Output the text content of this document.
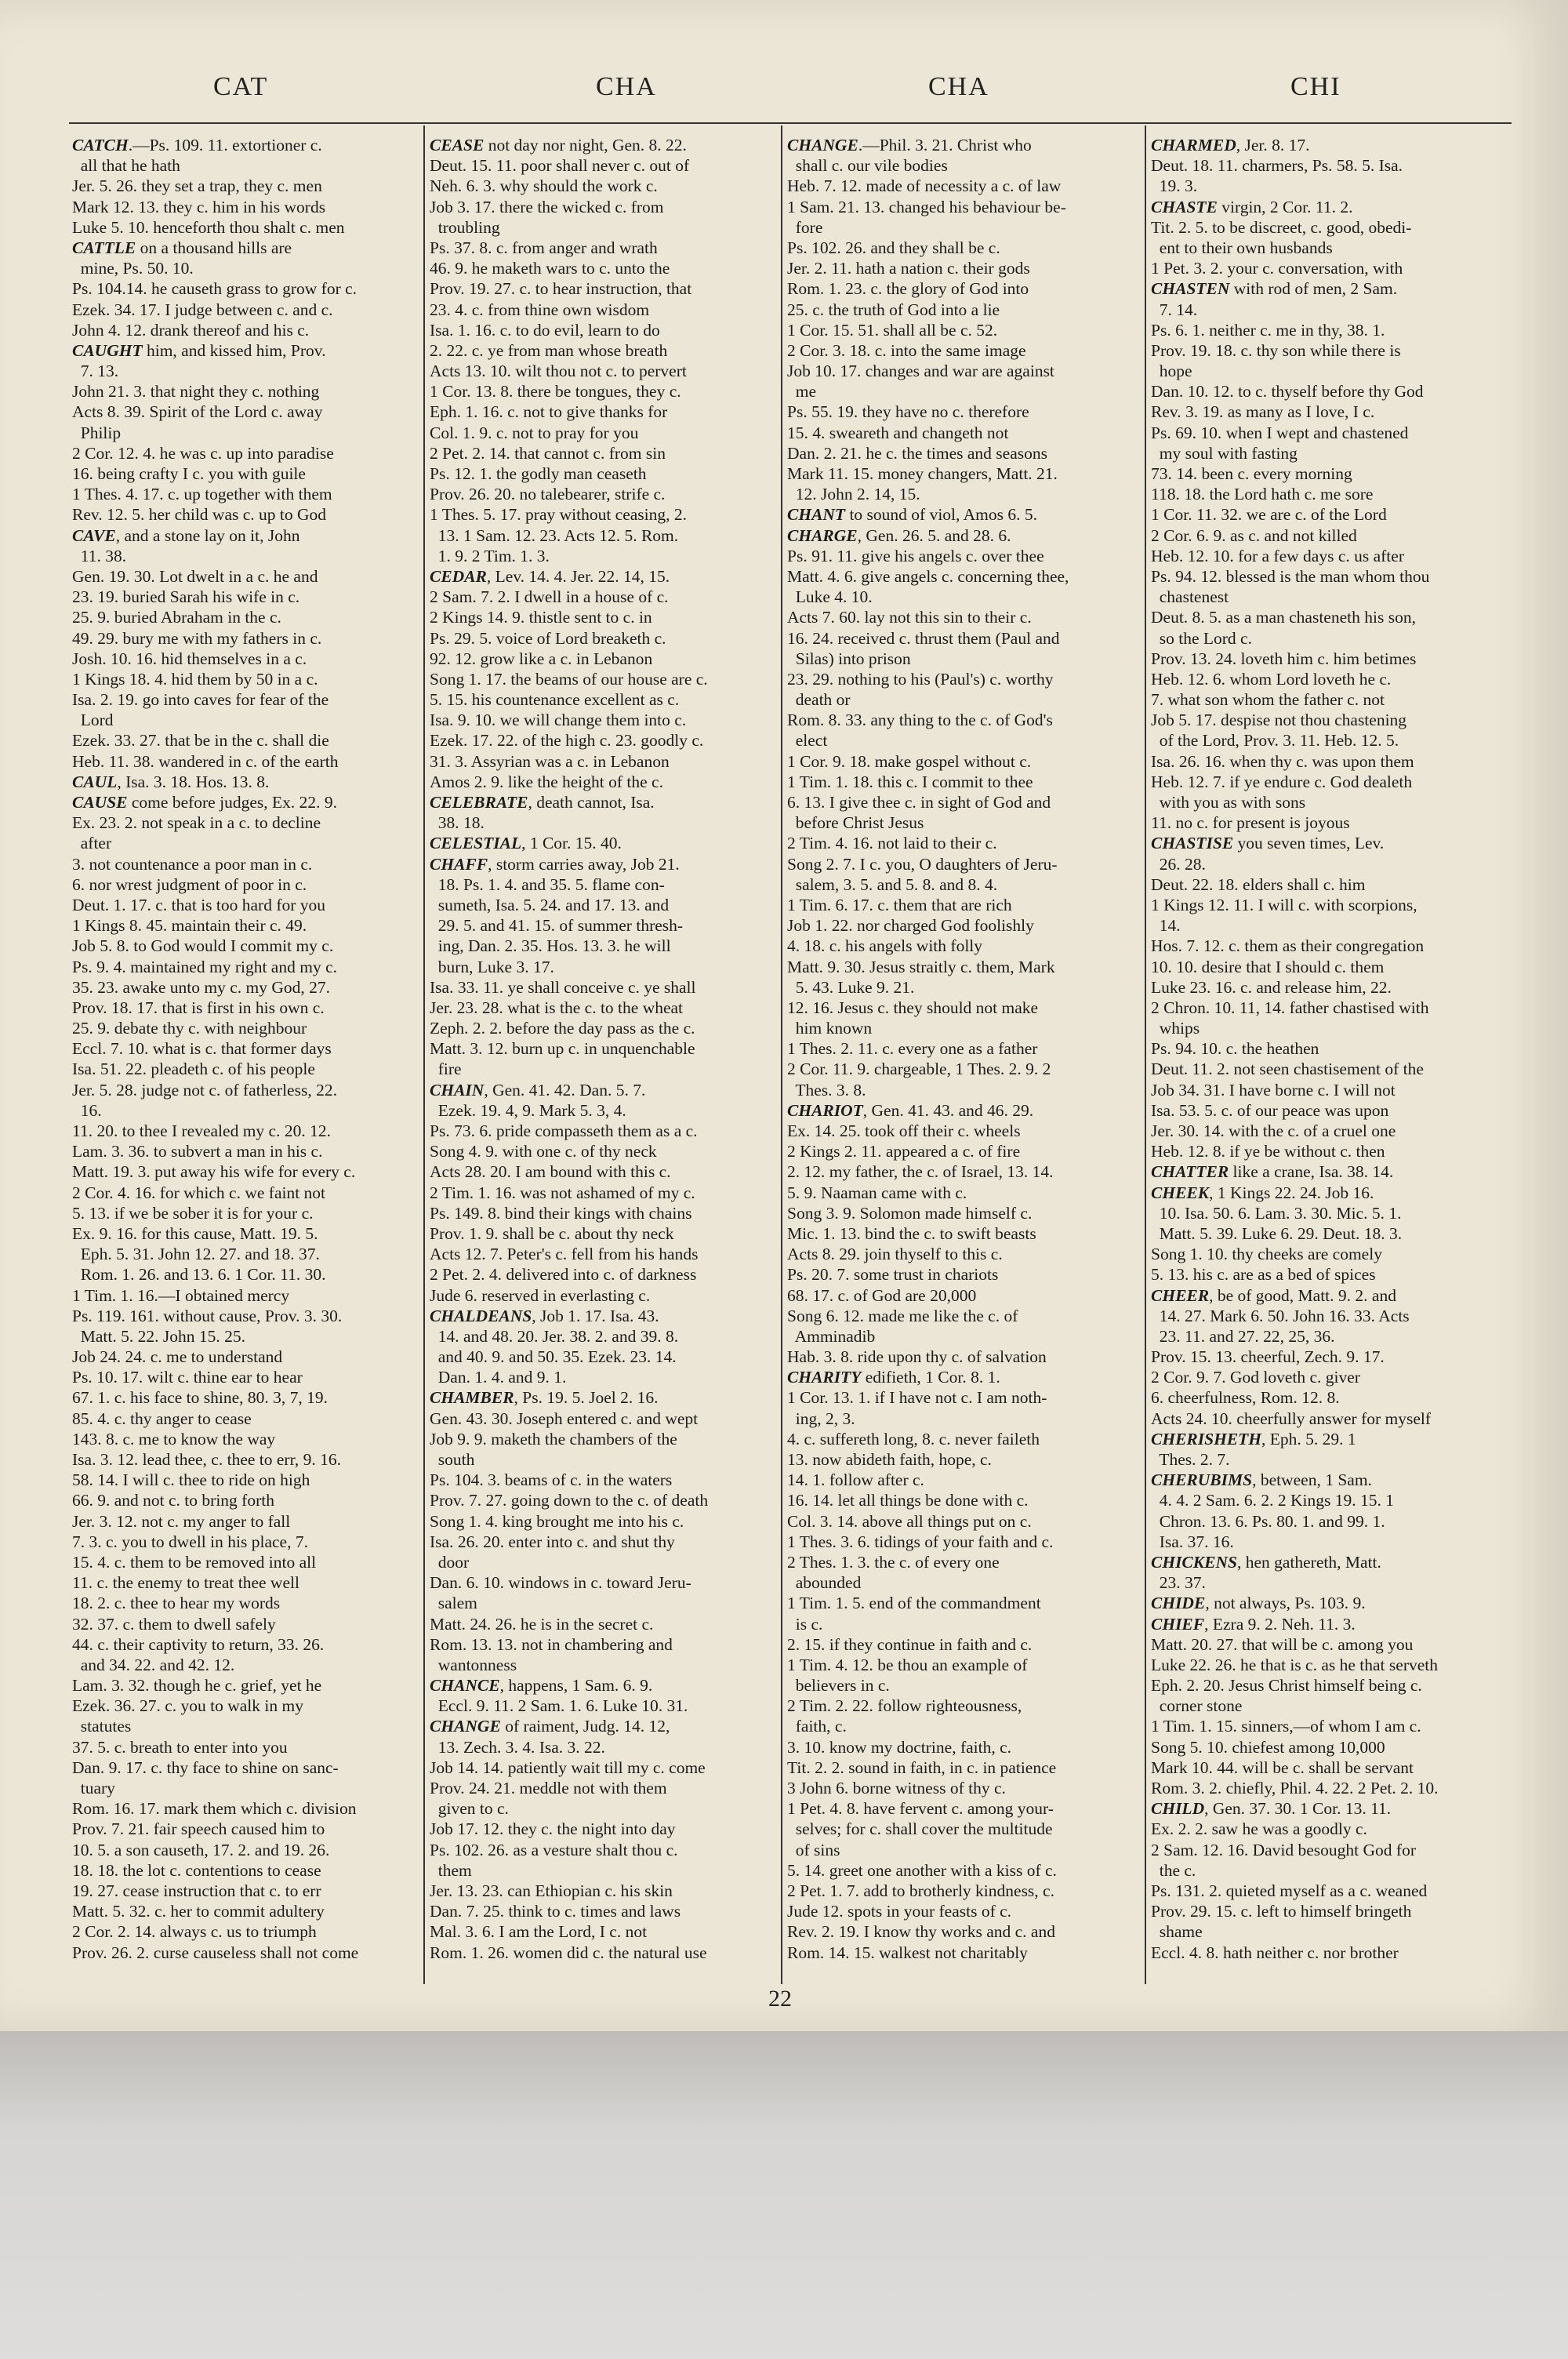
CAT	CHA	CHA	CHI
CATCH.—Ps. 109. 11. extortioner c.
all that he hath
Jer. 5. 26. they set a trap, they c. men
Mark 12. 13. they c. him in his words
Luke 5. 10. henceforth thou shalt c. men
CATTLE on a thousand hills are
mine, Ps. 50. 10.
Ps. 104.14. he causeth grass to grow for c.
Ezek. 34. 17. I judge between c. and c.
John 4. 12. drank thereof and his c.
CAUGHT him, and kissed him, Prov.
7. 13.
John 21. 3. that night they c. nothing
Acts 8. 39. Spirit of the Lord c. away
Philip
2 Cor. 12. 4. he was c. up into paradise
16. being crafty I c. you with guile
1 Thes. 4. 17. c. up together with them
Rev. 12. 5. her child was c. up to God
CAVE, and a stone lay on it, John
11. 38.
Gen. 19. 30. Lot dwelt in a c. he and
23. 19. buried Sarah his wife in c.
25. 9. buried Abraham in the c.
49. 29. bury me with my fathers in c.
Josh. 10. 16. hid themselves in a c.
1 Kings 18. 4. hid them by 50 in a c.
Isa. 2. 19. go into caves for fear of the
Lord
Ezek. 33. 27. that be in the c. shall die
Heb. 11. 38. wandered in c. of the earth
CAUL, Isa. 3. 18. Hos. 13. 8.
CAUSE come before judges, Ex. 22. 9.
Ex. 23. 2. not speak in a c. to decline
after
3. not countenance a poor man in c.
6. nor wrest judgment of poor in c.
Deut. 1. 17. c. that is too hard for you
1 Kings 8. 45. maintain their c. 49.
Job 5. 8. to God would I commit my c.
Ps. 9. 4. maintained my right and my c.
35. 23. awake unto my c. my God, 27.
Prov. 18. 17. that is first in his own c.
25. 9. debate thy c. with neighbour
Eccl. 7. 10. what is c. that former days
Isa. 51. 22. pleadeth c. of his people
Jer. 5. 28. judge not c. of fatherless, 22.
16.
11. 20. to thee I revealed my c. 20. 12.
Lam. 3. 36. to subvert a man in his c.
Matt. 19. 3. put away his wife for every c.
2 Cor. 4. 16. for which c. we faint not
5. 13. if we be sober it is for your c.
Ex. 9. 16. for this cause, Matt. 19. 5.
Eph. 5. 31. John 12. 27. and 18. 37.
Rom. 1. 26. and 13. 6. 1 Cor. 11. 30.
1 Tim. 1. 16.—I obtained mercy
Ps. 119. 161. without cause, Prov. 3. 30.
Matt. 5. 22. John 15. 25.
Job 24. 24. c. me to understand
Ps. 10. 17. wilt c. thine ear to hear
67. 1. c. his face to shine, 80. 3, 7, 19.
85. 4. c. thy anger to cease
143. 8. c. me to know the way
Isa. 3. 12. lead thee, c. thee to err, 9. 16.
58. 14. I will c. thee to ride on high
66. 9. and not c. to bring forth
Jer. 3. 12. not c. my anger to fall
7. 3. c. you to dwell in his place, 7.
15. 4. c. them to be removed into all
11. c. the enemy to treat thee well
18. 2. c. thee to hear my words
32. 37. c. them to dwell safely
44. c. their captivity to return, 33. 26.
and 34. 22. and 42. 12.
Lam. 3. 32. though he c. grief, yet he
Ezek. 36. 27. c. you to walk in my
statutes
37. 5. c. breath to enter into you
Dan. 9. 17. c. thy face to shine on sanc-
tuary
Rom. 16. 17. mark them which c. division
Prov. 7. 21. fair speech caused him to
10. 5. a son causeth, 17. 2. and 19. 26.
18. 18. the lot c. contentions to cease
19. 27. cease instruction that c. to err
Matt. 5. 32. c. her to commit adultery
2 Cor. 2. 14. always c. us to triumph
Prov. 26. 2. curse causeless shall not come
CEASE not day nor night, Gen. 8. 22.
Deut. 15. 11. poor shall never c. out of
Neh. 6. 3. why should the work c.
Job 3. 17. there the wicked c. from
troubling
Ps. 37. 8. c. from anger and wrath
46. 9. he maketh wars to c. unto the
Prov. 19. 27. c. to hear instruction, that
23. 4. c. from thine own wisdom
Isa. 1. 16. c. to do evil, learn to do
2. 22. c. ye from man whose breath
Acts 13. 10. wilt thou not c. to pervert
1 Cor. 13. 8. there be tongues, they c.
Eph. 1. 16. c. not to give thanks for
Col. 1. 9. c. not to pray for you
2 Pet. 2. 14. that cannot c. from sin
Ps. 12. 1. the godly man ceaseth
Prov. 26. 20. no talebearer, strife c.
1 Thes. 5. 17. pray without ceasing, 2.
13. 1 Sam. 12. 23. Acts 12. 5. Rom.
1. 9. 2 Tim. 1. 3.
CEDAR, Lev. 14. 4. Jer. 22. 14, 15.
2 Sam. 7. 2. I dwell in a house of c.
2 Kings 14. 9. thistle sent to c. in
Ps. 29. 5. voice of Lord breaketh c.
92. 12. grow like a c. in Lebanon
Song 1. 17. the beams of our house are c.
5. 15. his countenance excellent as c.
Isa. 9. 10. we will change them into c.
Ezek. 17. 22. of the high c. 23. goodly c.
31. 3. Assyrian was a c. in Lebanon
Amos 2. 9. like the height of the c.
CELEBRATE, death cannot, Isa.
38. 18.
CELESTIAL, 1 Cor. 15. 40.
CHAFF, storm carries away, Job 21.
18. Ps. 1. 4. and 35. 5. flame con-
sumeth, Isa. 5. 24. and 17. 13. and
29. 5. and 41. 15. of summer thresh-
ing, Dan. 2. 35. Hos. 13. 3. he will
burn, Luke 3. 17.
Isa. 33. 11. ye shall conceive c. ye shall
Jer. 23. 28. what is the c. to the wheat
Zeph. 2. 2. before the day pass as the c.
Matt. 3. 12. burn up c. in unquenchable
fire
CHAIN, Gen. 41. 42. Dan. 5. 7.
Ezek. 19. 4, 9. Mark 5. 3, 4.
Ps. 73. 6. pride compasseth them as a c.
Song 4. 9. with one c. of thy neck
Acts 28. 20. I am bound with this c.
2 Tim. 1. 16. was not ashamed of my c.
Ps. 149. 8. bind their kings with chains
Prov. 1. 9. shall be c. about thy neck
Acts 12. 7. Peter's c. fell from his hands
2 Pet. 2. 4. delivered into c. of darkness
Jude 6. reserved in everlasting c.
CHALDEANS, Job 1. 17. Isa. 43.
14. and 48. 20. Jer. 38. 2. and 39. 8.
and 40. 9. and 50. 35. Ezek. 23. 14.
Dan. 1. 4. and 9. 1.
CHAMBER, Ps. 19. 5. Joel 2. 16.
Gen. 43. 30. Joseph entered c. and wept
Job 9. 9. maketh the chambers of the
south
Ps. 104. 3. beams of c. in the waters
Prov. 7. 27. going down to the c. of death
Song 1. 4. king brought me into his c.
Isa. 26. 20. enter into c. and shut thy
door
Dan. 6. 10. windows in c. toward Jeru-
salem
Matt. 24. 26. he is in the secret c.
Rom. 13. 13. not in chambering and
wantonness
CHANCE, happens, 1 Sam. 6. 9.
Eccl. 9. 11. 2 Sam. 1. 6. Luke 10. 31.
CHANGE of raiment, Judg. 14. 12,
13. Zech. 3. 4. Isa. 3. 22.
Job 14. 14. patiently wait till my c. come
Prov. 24. 21. meddle not with them
given to c.
Job 17. 12. they c. the night into day
Ps. 102. 26. as a vesture shalt thou c.
them
Jer. 13. 23. can Ethiopian c. his skin
Dan. 7. 25. think to c. times and laws
Mal. 3. 6. I am the Lord, I c. not
Rom. 1. 26. women did c. the natural use
CHANGE.—Phil. 3. 21. Christ who
shall c. our vile bodies
Heb. 7. 12. made of necessity a c. of law
1 Sam. 21. 13. changed his behaviour be-
fore
Ps. 102. 26. and they shall be c.
Jer. 2. 11. hath a nation c. their gods
Rom. 1. 23. c. the glory of God into
25. c. the truth of God into a lie
1 Cor. 15. 51. shall all be c. 52.
2 Cor. 3. 18. c. into the same image
Job 10. 17. changes and war are against
me
Ps. 55. 19. they have no c. therefore
15. 4. sweareth and changeth not
Dan. 2. 21. he c. the times and seasons
Mark 11. 15. money changers, Matt. 21.
12. John 2. 14, 15.
CHANT to sound of viol, Amos 6. 5.
CHARGE, Gen. 26. 5. and 28. 6.
Ps. 91. 11. give his angels c. over thee
Matt. 4. 6. give angels c. concerning thee,
Luke 4. 10.
Acts 7. 60. lay not this sin to their c.
16. 24. received c. thrust them (Paul and
Silas) into prison
23. 29. nothing to his (Paul's) c. worthy
death or
Rom. 8. 33. any thing to the c. of God's
elect
1 Cor. 9. 18. make gospel without c.
1 Tim. 1. 18. this c. I commit to thee
6. 13. I give thee c. in sight of God and
before Christ Jesus
2 Tim. 4. 16. not laid to their c.
Song 2. 7. I c. you, O daughters of Jeru-
salem, 3. 5. and 5. 8. and 8. 4.
1 Tim. 6. 17. c. them that are rich
Job 1. 22. nor charged God foolishly
4. 18. c. his angels with folly
Matt. 9. 30. Jesus straitly c. them, Mark
5. 43. Luke 9. 21.
12. 16. Jesus c. they should not make
him known
1 Thes. 2. 11. c. every one as a father
2 Cor. 11. 9. chargeable, 1 Thes. 2. 9. 2
Thes. 3. 8.
CHARIOT, Gen. 41. 43. and 46. 29.
Ex. 14. 25. took off their c. wheels
2 Kings 2. 11. appeared a c. of fire
2. 12. my father, the c. of Israel, 13. 14.
5. 9. Naaman came with c.
Song 3. 9. Solomon made himself c.
Mic. 1. 13. bind the c. to swift beasts
Acts 8. 29. join thyself to this c.
Ps. 20. 7. some trust in chariots
68. 17. c. of God are 20,000
Song 6. 12. made me like the c. of
Amminadib
Hab. 3. 8. ride upon thy c. of salvation
CHARITY edifieth, 1 Cor. 8. 1.
1 Cor. 13. 1. if I have not c. I am noth-
ing, 2, 3.
4. c. suffereth long, 8. c. never faileth
13. now abideth faith, hope, c.
14. 1. follow after c.
16. 14. let all things be done with c.
Col. 3. 14. above all things put on c.
1 Thes. 3. 6. tidings of your faith and c.
2 Thes. 1. 3. the c. of every one
abounded
1 Tim. 1. 5. end of the commandment
is c.
2. 15. if they continue in faith and c.
1 Tim. 4. 12. be thou an example of
believers in c.
2 Tim. 2. 22. follow righteousness,
faith, c.
3. 10. know my doctrine, faith, c.
Tit. 2. 2. sound in faith, in c. in patience
3 John 6. borne witness of thy c.
1 Pet. 4. 8. have fervent c. among your-
selves; for c. shall cover the multitude
of sins
5. 14. greet one another with a kiss of c.
2 Pet. 1. 7. add to brotherly kindness, c.
Jude 12. spots in your feasts of c.
Rev. 2. 19. I know thy works and c. and
Rom. 14. 15. walkest not charitably
CHARMED, Jer. 8. 17.
Deut. 18. 11. charmers, Ps. 58. 5. Isa.
19. 3.
CHASTE virgin, 2 Cor. 11. 2.
Tit. 2. 5. to be discreet, c. good, obedi-
ent to their own husbands
1 Pet. 3. 2. your c. conversation, with
CHASTEN with rod of men, 2 Sam.
7. 14.
Ps. 6. 1. neither c. me in thy, 38. 1.
Prov. 19. 18. c. thy son while there is
hope
Dan. 10. 12. to c. thyself before thy God
Rev. 3. 19. as many as I love, I c.
Ps. 69. 10. when I wept and chastened
my soul with fasting
73. 14. been c. every morning
118. 18. the Lord hath c. me sore
1 Cor. 11. 32. we are c. of the Lord
2 Cor. 6. 9. as c. and not killed
Heb. 12. 10. for a few days c. us after
Ps. 94. 12. blessed is the man whom thou
chastenest
Deut. 8. 5. as a man chasteneth his son,
so the Lord c.
Prov. 13. 24. loveth him c. him betimes
Heb. 12. 6. whom Lord loveth he c.
7. what son whom the father c. not
Job 5. 17. despise not thou chastening
of the Lord, Prov. 3. 11. Heb. 12. 5.
Isa. 26. 16. when thy c. was upon them
Heb. 12. 7. if ye endure c. God dealeth
with you as with sons
11. no c. for present is joyous
CHASTISE you seven times, Lev.
26. 28.
Deut. 22. 18. elders shall c. him
1 Kings 12. 11. I will c. with scorpions,
14.
Hos. 7. 12. c. them as their congregation
10. 10. desire that I should c. them
Luke 23. 16. c. and release him, 22.
2 Chron. 10. 11, 14. father chastised with
whips
Ps. 94. 10. c. the heathen
Deut. 11. 2. not seen chastisement of the
Job 34. 31. I have borne c. I will not
Isa. 53. 5. c. of our peace was upon
Jer. 30. 14. with the c. of a cruel one
Heb. 12. 8. if ye be without c. then
CHATTER like a crane, Isa. 38. 14.
CHEEK, 1 Kings 22. 24. Job 16.
10. Isa. 50. 6. Lam. 3. 30. Mic. 5. 1.
Matt. 5. 39. Luke 6. 29. Deut. 18. 3.
Song 1. 10. thy cheeks are comely
5. 13. his c. are as a bed of spices
CHEER, be of good, Matt. 9. 2. and
14. 27. Mark 6. 50. John 16. 33. Acts
23. 11. and 27. 22, 25, 36.
Prov. 15. 13. cheerful, Zech. 9. 17.
2 Cor. 9. 7. God loveth c. giver
6. cheerfulness, Rom. 12. 8.
Acts 24. 10. cheerfully answer for myself
CHERISHETH, Eph. 5. 29. 1
Thes. 2. 7.
CHERUBIMS, between, 1 Sam.
4. 4. 2 Sam. 6. 2. 2 Kings 19. 15. 1
Chron. 13. 6. Ps. 80. 1. and 99. 1.
Isa. 37. 16.
CHICKENS, hen gathereth, Matt.
23. 37.
CHIDE, not always, Ps. 103. 9.
CHIEF, Ezra 9. 2. Neh. 11. 3.
Matt. 20. 27. that will be c. among you
Luke 22. 26. he that is c. as he that serveth
Eph. 2. 20. Jesus Christ himself being c.
corner stone
1 Tim. 1. 15. sinners,—of whom I am c.
Song 5. 10. chiefest among 10,000
Mark 10. 44. will be c. shall be servant
Rom. 3. 2. chiefly, Phil. 4. 22. 2 Pet. 2. 10.
CHILD, Gen. 37. 30. 1 Cor. 13. 11.
Ex. 2. 2. saw he was a goodly c.
2 Sam. 12. 16. David besought God for
the c.
Ps. 131. 2. quieted myself as a c. weaned
Prov. 29. 15. c. left to himself bringeth
shame
Eccl. 4. 8. hath neither c. nor brother
22
